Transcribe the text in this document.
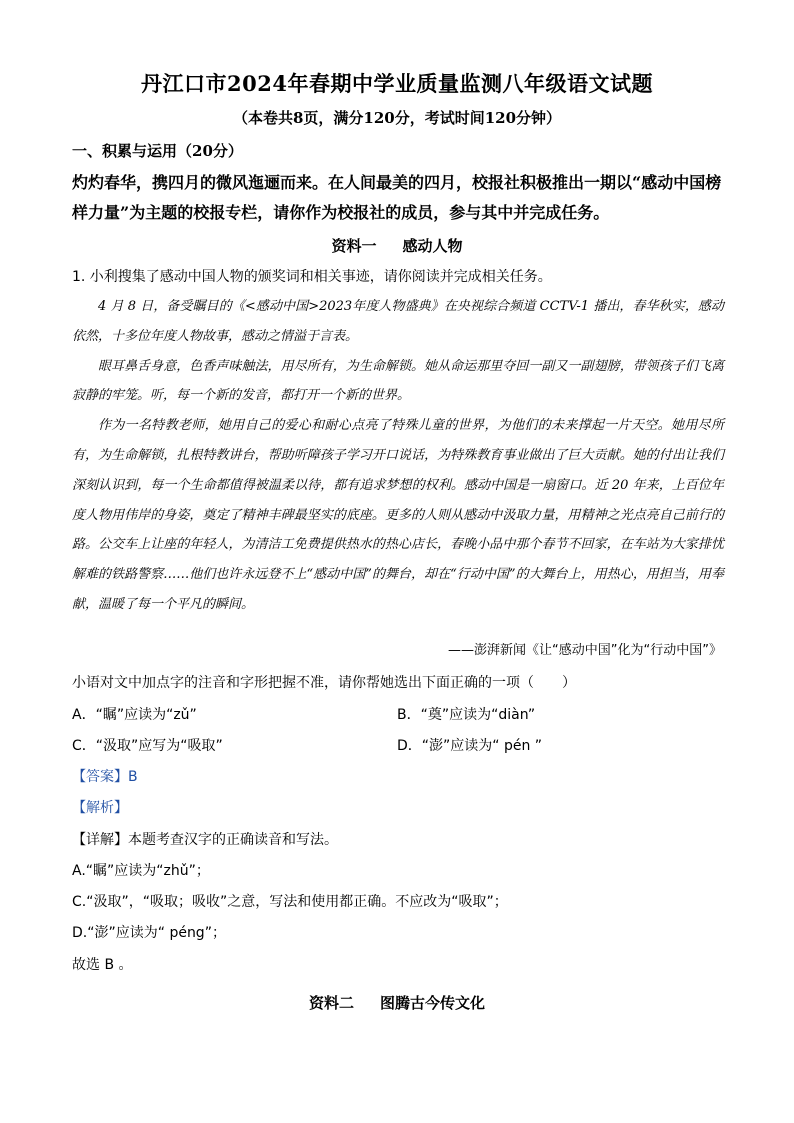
丹江口市2024年春期中学业质量监测八年级语文试题
（本卷共8页，满分120分，考试时间120分钟）
一、积累与运用（20分）
灼灼春华，携四月的微风迤逦而来。在人间最美的四月，校报社积极推出一期以“感动中国榜样力量”为主题的校报专栏，请你作为校报社的成员，参与其中并完成任务。
资料一 感动人物
1. 小利搜集了感动中国人物的颁奖词和相关事迹，请你阅读并完成相关任务。

4 月 8 日，备受瞩目的《<感动中国>2023年度人物盛典》在央视综合频道 CCTV-1 播出，春华秋实，感动依然，十多位年度人物故事，感动之情溢于言表。

眼耳鼻舌身意，色香声味触法，用尽所有，为生命解锁。她从命运那里夺回一副又一副翅膀，带领孩子们飞离寂静的牢笼。听，每一个新的发音，都打开一个新的世界。

作为一名特教老师，她用自己的爱心和耐心点亮了特殊儿童的世界，为他们的未来撑起一片天空。她用尽所有，为生命解锁，扎根特教讲台，帮助听障孩子学习开口说话，为特殊教育事业做出了巨大贡献。她的付出让我们深刻认识到，每一个生命都值得被温柔以待，都有追求梦想的权利。感动中国是一扇窗口。近 20 年来，上百位年度人物用伟岸的身姿，奠定了精神丰碑最坚实的底座。更多的人则从感动中汲取力量，用精神之光点亮自己前行的路。公交车上让座的年轻人，为清洁工免费提供热水的热心店长，春晚小品中那个春节不回家，在车站为大家排忧解难的铁路警察……他们也许永远登不上“感动中国”的舞台，却在“行动中国”的大舞台上，用热心，用担当，用奉献，温暖了每一个平凡的瞬间。

——澎湃新闻《让“感动中国”化为“行动中国”》
小语对文中加点字的注音和字形把握不准，请你帮她选出下面正确的一项（　　）
A．“瞩”应读为“zǔ”	B．“奠”应读为“diàn”
C．“汲取”应写为“吸取”	D．“澎”应读为“ pén ”
【答案】B
【解析】
【详解】本题考查汉字的正确读音和写法。
A.“瞩”应读为“zhǔ”；
C.“汲取”，“吸取；吸收”之意，写法和使用都正确。不应改为“吸取”；
D.“澎”应读为“ péng”；
故选 B 。
资料二 图腾古今传文化
